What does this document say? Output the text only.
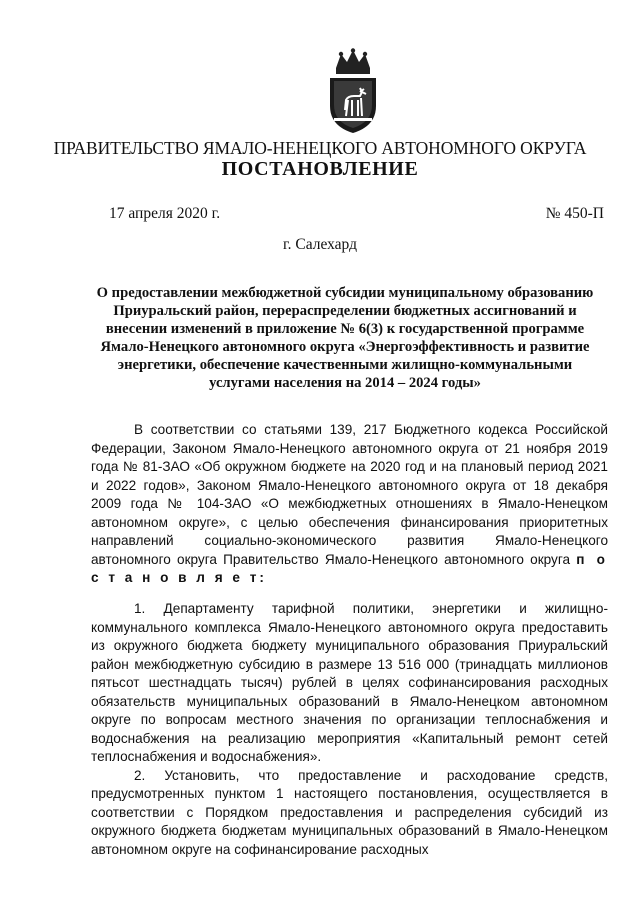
ПРАВИТЕЛЬСТВО ЯМАЛО-НЕНЕЦКОГО АВТОНОМНОГО ОКРУГА
ПОСТАНОВЛЕНИЕ
17 апреля 2020 г.	№ 450-П
г. Салехард
О предоставлении межбюджетной субсидии муниципальному образованию Приуральский район, перераспределении бюджетных ассигнований и внесении изменений в приложение № 6(3) к государственной программе Ямало-Ненецкого автономного округа «Энергоэффективность и развитие энергетики, обеспечение качественными жилищно-коммунальными услугами населения на 2014 – 2024 годы»

В соответствии со статьями 139, 217 Бюджетного кодекса Российской Федерации, Законом Ямало-Ненецкого автономного округа от 21 ноября 2019 года № 81-ЗАО «Об окружном бюджете на 2020 год и на плановый период 2021 и 2022 годов», Законом Ямало-Ненецкого автономного округа от 18 декабря 2009 года № 104-ЗАО «О межбюджетных отношениях в Ямало-Ненецком автономном округе», с целью обеспечения финансирования приоритетных направлений социально-экономического развития Ямало-Ненецкого автономного округа Правительство Ямало-Ненецкого автономного округа п о с т а н о в л я е т:

1. Департаменту тарифной политики, энергетики и жилищно-коммунального комплекса Ямало-Ненецкого автономного округа предоставить из окружного бюджета бюджету муниципального образования Приуральский район межбюджетную субсидию в размере 13 516 000 (тринадцать миллионов пятьсот шестнадцать тысяч) рублей в целях софинансирования расходных обязательств муниципальных образований в Ямало-Ненецком автономном округе по вопросам местного значения по организации теплоснабжения и водоснабжения на реализацию мероприятия «Капитальный ремонт сетей теплоснабжения и водоснабжения».

2. Установить, что предоставление и расходование средств, предусмотренных пунктом 1 настоящего постановления, осуществляется в соответствии с Порядком предоставления и распределения субсидий из окружного бюджета бюджетам муниципальных образований в Ямало-Ненецком автономном округе на софинансирование расходных
